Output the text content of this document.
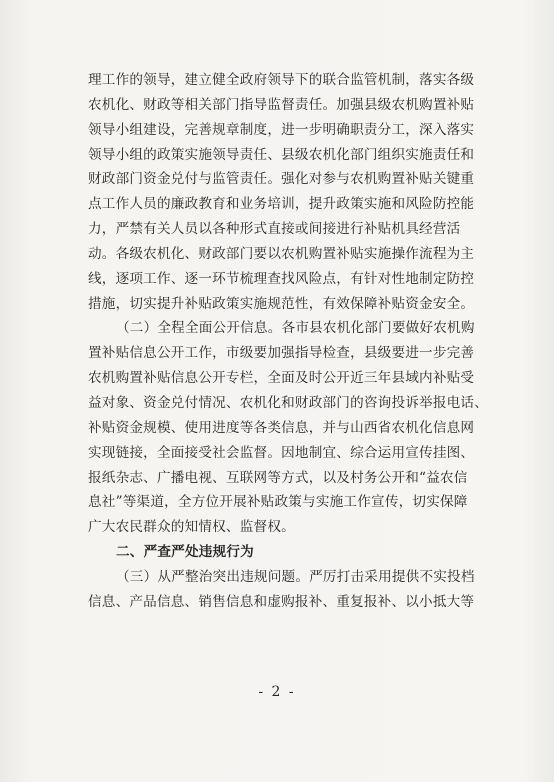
理工作的领导，建立健全政府领导下的联合监管机制，落实各级
农机化、财政等相关部门指导监督责任。加强县级农机购置补贴
领导小组建设，完善规章制度，进一步明确职责分工，深入落实
领导小组的政策实施领导责任、县级农机化部门组织实施责任和
财政部门资金兑付与监管责任。强化对参与农机购置补贴关键重
点工作人员的廉政教育和业务培训，提升政策实施和风险防控能
力，严禁有关人员以各种形式直接或间接进行补贴机具经营活
动。各级农机化、财政部门要以农机购置补贴实施操作流程为主
线，逐项工作、逐一环节梳理查找风险点，有针对性地制定防控
措施，切实提升补贴政策实施规范性，有效保障补贴资金安全。
（二）全程全面公开信息。各市县农机化部门要做好农机购
置补贴信息公开工作，市级要加强指导检查，县级要进一步完善
农机购置补贴信息公开专栏，全面及时公开近三年县域内补贴受
益对象、资金兑付情况、农机化和财政部门的咨询投诉举报电话、
补贴资金规模、使用进度等各类信息，并与山西省农机化信息网
实现链接，全面接受社会监督。因地制宜、综合运用宣传挂图、
报纸杂志、广播电视、互联网等方式，以及村务公开和“益农信
息社”等渠道，全方位开展补贴政策与实施工作宣传，切实保障
广大农民群众的知情权、监督权。
二、严查严处违规行为
（三）从严整治突出违规问题。严厉打击采用提供不实投档
信息、产品信息、销售信息和虚购报补、重复报补、以小抵大等
- 2 -
